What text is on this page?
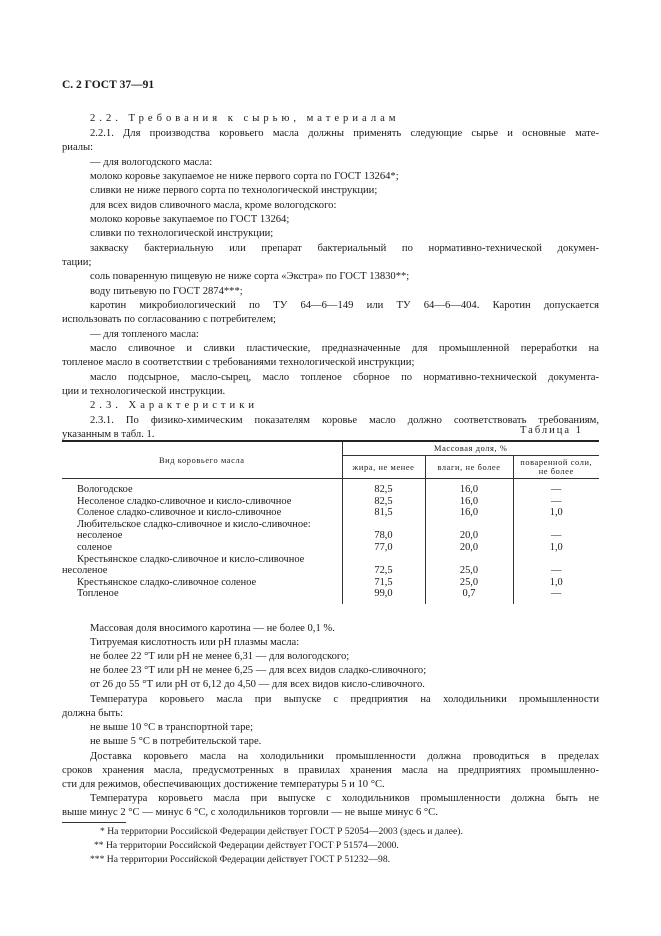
С. 2 ГОСТ 37—91
2.2. Требования к сырью, материалам
2.2.1. Для производства коровьего масла должны применять следующие сырье и основные мате-
риалы:
— для вологодского масла:
молоко коровье закупаемое не ниже первого сорта по ГОСТ 13264*;
сливки не ниже первого сорта по технологической инструкции;
для всех видов сливочного масла, кроме вологодского:
молоко коровье закупаемое по ГОСТ 13264;
сливки по технологической инструкции;
закваску бактериальную или препарат бактериальный по нормативно-технической докумен-
тации;
соль поваренную пищевую не ниже сорта «Экстра» по ГОСТ 13830**;
воду питьевую по ГОСТ 2874***;
каротин микробиологический по ТУ 64—6—149 или ТУ 64—6—404. Каротин допускается
использовать по согласованию с потребителем;
— для топленого масла:
масло сливочное и сливки пластические, предназначенные для промышленной переработки на
топленое масло в соответствии с требованиями технологической инструкции;
масло подсырное, масло-сырец, масло топленое сборное по нормативно-технической документа-
ции и технологической инструкции.
2.3. Характеристики
2.3.1. По физико-химическим показателям коровье масло должно соответствовать требованиям,
указанным в табл. 1.	Таблица 1
Вид коровьего масла	Массовая доля, %		
	жира, не менее	влаги, не более	поваренной соли, не более
Вологодское	82,5	16,0	—
Несоленое сладко-сливочное и кисло-сливочное	82,5	16,0	—
Соленое сладко-сливочное и кисло-сливочное	81,5	16,0	1,0
Любительское сладко-сливочное и кисло-сливочное:			
несоленое	78,0	20,0	—
соленое	77,0	20,0	1,0
Крестьянское сладко-сливочное и кисло-сливочное			
несоленое	72,5	25,0	—
Крестьянское сладко-сливочное соленое	71,5	25,0	1,0
Топленое	99,0	0,7	—
Массовая доля вносимого каротина — не более 0,1 %.
Титруемая кислотность или pH плазмы масла:
не более 22 °Т или pH не менее 6,31 — для вологодского;
не более 23 °Т или pH не менее 6,25 — для всех видов сладко-сливочного;
от 26 до 55 °Т или pH от 6,12 до 4,50 — для всех видов кисло-сливочного.
Температура коровьего масла при выпуске с предприятия на холодильники промышленности
должна быть:
не выше 10 °С в транспортной таре;
не выше 5 °С в потребительской таре.
Доставка коровьего масла на холодильники промышленности должна проводиться в пределах
сроков хранения масла, предусмотренных в правилах хранения масла на предприятиях промышленно-
сти для режимов, обеспечивающих достижение температуры 5 и 10 °С.
Температура коровьего масла при выпуске с холодильников промышленности должна быть не
выше минус 2 °С — минус 6 °С, с холодильников торговли — не выше минус 6 °С.
* На территории Российской Федерации действует ГОСТ Р 52054—2003 (здесь и далее).
** На территории Российской Федерации действует ГОСТ Р 51574—2000.
*** На территории Российской Федерации действует ГОСТ Р 51232—98.
